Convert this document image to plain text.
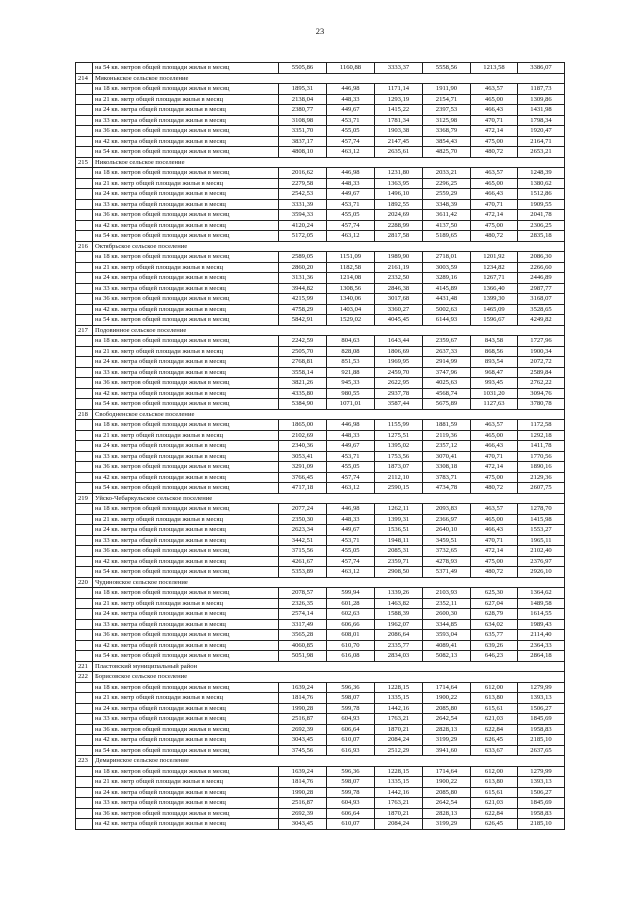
23
	на 54 кв. метров общей площади жилья в месяц	5505,86	1160,88	3333,37	5558,56	1213,58	3386,07
214	Мяконькское сельское поселение						
	на 18 кв. метров общей площади жилья в месяц	1895,31	446,98	1171,14	1911,90	463,57	1187,73
	на 21 кв. метр общей площади жилья в месяц	2138,04	448,33	1293,19	2154,71	465,00	1309,86
	на 24 кв. метра общей площади жилья в месяц	2380,77	449,67	1415,22	2397,53	466,43	1431,98
	на 33 кв. метра общей площади жилья в месяц	3108,98	453,71	1781,34	3125,98	470,71	1798,34
	на 36 кв. метров общей площади жилья в месяц	3351,70	455,05	1903,38	3368,79	472,14	1920,47
	на 42 кв. метра общей площади жилья в месяц	3837,17	457,74	2147,45	3854,43	475,00	2164,71
	на 54 кв. метров общей площади жилья в месяц	4808,10	463,12	2635,61	4825,70	480,72	2653,21
215	Никольское сельское поселение						
	на 18 кв. метров общей площади жилья в месяц	2016,62	446,98	1231,80	2033,21	463,57	1248,39
	на 21 кв. метр общей площади жилья в месяц	2279,58	448,33	1363,95	2296,25	465,00	1380,62
	на 24 кв. метра общей площади жилья в месяц	2542,53	449,67	1496,10	2559,29	466,43	1512,86
	на 33 кв. метра общей площади жилья в месяц	3331,39	453,71	1892,55	3348,39	470,71	1909,55
	на 36 кв. метров общей площади жилья в месяц	3594,33	455,05	2024,69	3611,42	472,14	2041,78
	на 42 кв. метра общей площади жилья в месяц	4120,24	457,74	2288,99	4137,50	475,00	2306,25
	на 54 кв. метров общей площади жилья в месяц	5172,05	463,12	2817,58	5189,65	480,72	2835,18
216	Октябрьское сельское поселение						
	на 18 кв. метров общей площади жилья в месяц	2589,05	1151,09	1989,90	2718,01	1201,92	2086,30
	на 21 кв. метр общей площади жилья в месяц	2860,20	1182,58	2161,19	3003,59	1234,82	2266,60
	на 24 кв. метра общей площади жилья в месяц	3131,36	1214,08	2332,50	3289,16	1267,71	2446,89
	на 33 кв. метра общей площади жилья в месяц	3944,82	1308,56	2846,38	4145,89	1366,40	2987,77
	на 36 кв. метров общей площади жилья в месяц	4215,99	1340,06	3017,68	4431,48	1399,30	3168,07
	на 42 кв. метра общей площади жилья в месяц	4758,29	1403,04	3360,27	5002,63	1465,09	3528,65
	на 54 кв. метров общей площади жилья в месяц	5842,91	1529,02	4045,45	6144,93	1596,67	4249,82
217	Подовинное сельское поселение						
	на 18 кв. метров общей площади жилья в месяц	2242,59	804,63	1643,44	2359,67	843,58	1727,96
	на 21 кв. метр общей площади жилья в месяц	2505,70	828,08	1806,69	2637,33	868,56	1900,34
	на 24 кв. метра общей площади жилья в месяц	2768,81	851,53	1969,95	2914,99	893,54	2072,72
	на 33 кв. метра общей площади жилья в месяц	3558,14	921,88	2459,70	3747,96	968,47	2589,84
	на 36 кв. метров общей площади жилья в месяц	3821,26	945,33	2622,95	4025,63	993,45	2762,22
	на 42 кв. метра общей площади жилья в месяц	4335,80	980,55	2937,78	4568,74	1031,20	3094,76
	на 54 кв. метров общей площади жилья в месяц	5384,90	1071,01	3587,44	5675,89	1127,63	3780,78
218	Свободненское сельское поселение						
	на 18 кв. метров общей площади жилья в месяц	1865,00	446,98	1155,99	1881,59	463,57	1172,58
	на 21 кв. метр общей площади жилья в месяц	2102,69	448,33	1275,51	2119,36	465,00	1292,18
	на 24 кв. метра общей площади жилья в месяц	2340,36	449,67	1395,02	2357,12	466,43	1411,78
	на 33 кв. метра общей площади жилья в месяц	3053,41	453,71	1753,56	3070,41	470,71	1770,56
	на 36 кв. метров общей площади жилья в месяц	3291,09	455,05	1873,07	3308,18	472,14	1890,16
	на 42 кв. метра общей площади жилья в месяц	3766,45	457,74	2112,10	3783,71	475,00	2129,36
	на 54 кв. метров общей площади жилья в месяц	4717,18	463,12	2590,15	4734,78	480,72	2607,75
219	Уйско-Чебаркульское сельское поселение						
	на 18 кв. метров общей площади жилья в месяц	2077,24	446,98	1262,11	2093,83	463,57	1278,70
	на 21 кв. метр общей площади жилья в месяц	2350,30	448,33	1399,31	2366,97	465,00	1415,98
	на 24 кв. метра общей площади жилья в месяц	2623,34	449,67	1536,51	2640,10	466,43	1553,27
	на 33 кв. метра общей площади жилья в месяц	3442,51	453,71	1948,11	3459,51	470,71	1965,11
	на 36 кв. метров общей площади жилья в месяц	3715,56	455,05	2085,31	3732,65	472,14	2102,40
	на 42 кв. метра общей площади жилья в месяц	4261,67	457,74	2359,71	4278,93	475,00	2376,97
	на 54 кв. метров общей площади жилья в месяц	5353,89	463,12	2908,50	5371,49	480,72	2926,10
220	Чудиновское сельское поселение						
	на 18 кв. метров общей площади жилья в месяц	2078,57	599,94	1339,26	2103,93	625,30	1364,62
	на 21 кв. метр общей площади жилья в месяц	2326,35	601,28	1463,82	2352,11	627,04	1489,58
	на 24 кв. метра общей площади жилья в месяц	2574,14	602,63	1588,39	2600,30	628,79	1614,55
	на 33 кв. метра общей площади жилья в месяц	3317,49	606,66	1962,07	3344,85	634,02	1989,43
	на 36 кв. метров общей площади жилья в месяц	3565,28	608,01	2086,64	3593,04	635,77	2114,40
	на 42 кв. метра общей площади жилья в месяц	4060,85	610,70	2335,77	4089,41	639,26	2364,33
	на 54 кв. метров общей площади жилья в месяц	5051,98	616,08	2834,03	5082,13	646,23	2864,18
221	Пластовский муниципальный район						
222	Борисовское сельское поселение						
	на 18 кв. метров общей площади жилья в месяц	1639,24	596,36	1228,15	1714,64	612,00	1279,99
	на 21 кв. метр общей площади жилья в месяц	1814,76	598,07	1335,15	1900,22	613,80	1393,13
	на 24 кв. метра общей площади жилья в месяц	1990,28	599,78	1442,16	2085,80	615,61	1506,27
	на 33 кв. метра общей площади жилья в месяц	2516,87	604,93	1763,21	2642,54	621,03	1845,69
	на 36 кв. метров общей площади жилья в месяц	2692,39	606,64	1870,21	2828,13	622,84	1958,83
	на 42 кв. метра общей площади жилья в месяц	3043,45	610,07	2084,24	3199,29	626,45	2185,10
	на 54 кв. метров общей площади жилья в месяц	3745,56	616,93	2512,29	3941,60	633,67	2637,65
223	Демаринское сельское поселение						
	на 18 кв. метров общей площади жилья в месяц	1639,24	596,36	1228,15	1714,64	612,00	1279,99
	на 21 кв. метр общей площади жилья в месяц	1814,76	598,07	1335,15	1900,22	613,80	1393,13
	на 24 кв. метра общей площади жилья в месяц	1990,28	599,78	1442,16	2085,80	615,61	1506,27
	на 33 кв. метра общей площади жилья в месяц	2516,87	604,93	1763,21	2642,54	621,03	1845,69
	на 36 кв. метров общей площади жилья в месяц	2692,39	606,64	1870,21	2828,13	622,84	1958,83
	на 42 кв. метра общей площади жилья в месяц	3043,45	610,07	2084,24	3199,29	626,45	2185,10
